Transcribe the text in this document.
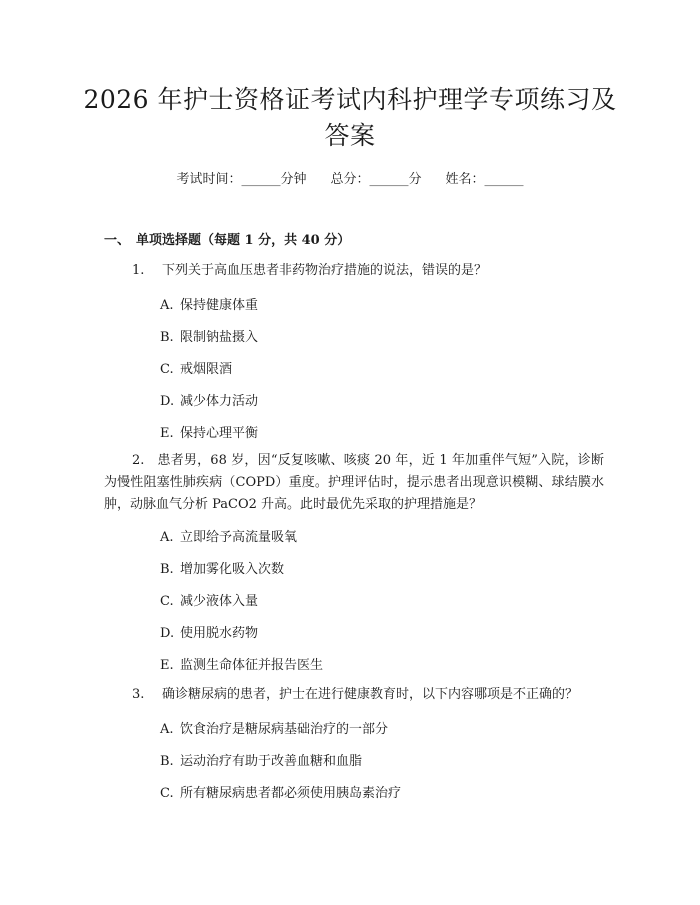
2026 年护士资格证考试内科护理学专项练习及答案
考试时间：______分钟 总分：______分 姓名：______
一、 单项选择题（每题 1 分，共 40 分）
1. 下列关于高血压患者非药物治疗措施的说法，错误的是？
A. 保持健康体重
B. 限制钠盐摄入
C. 戒烟限酒
D. 减少体力活动
E. 保持心理平衡
2. 患者男，68 岁，因“反复咳嗽、咳痰 20 年，近 1 年加重伴气短”入院，诊断为慢性阻塞性肺疾病（COPD）重度。护理评估时，提示患者出现意识模糊、球结膜水肿，动脉血气分析 PaCO2 升高。此时最优先采取的护理措施是？
A. 立即给予高流量吸氧
B. 增加雾化吸入次数
C. 减少液体入量
D. 使用脱水药物
E. 监测生命体征并报告医生
3. 确诊糖尿病的患者，护士在进行健康教育时，以下内容哪项是不正确的？
A. 饮食治疗是糖尿病基础治疗的一部分
B. 运动治疗有助于改善血糖和血脂
C. 所有糖尿病患者都必须使用胰岛素治疗
